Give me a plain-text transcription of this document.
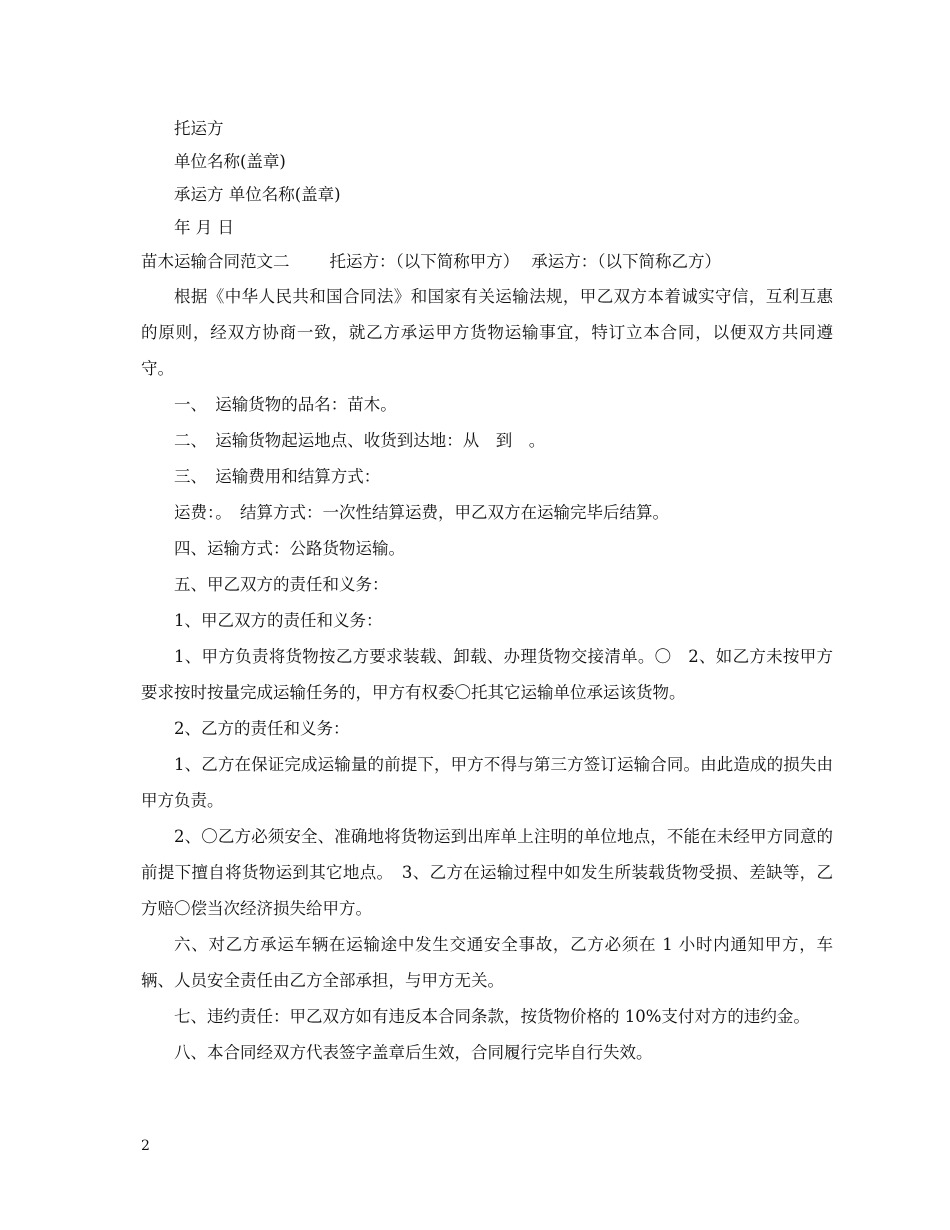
托运方
单位名称(盖章)
承运方 单位名称(盖章)
年 月 日
苗木运输合同范文二 托运方：（以下简称甲方） 承运方：（以下简称乙方）
根据《中华人民共和国合同法》和国家有关运输法规，甲乙双方本着诚实守信，互利互惠的原则，经双方协商一致，就乙方承运甲方货物运输事宜，特订立本合同，以便双方共同遵守。
一、　运输货物的品名：苗木。
二、　运输货物起运地点、收货到达地：从　到　。
三、　运输费用和结算方式：
运费：。　结算方式：一次性结算运费，甲乙双方在运输完毕后结算。
四、运输方式：公路货物运输。
五、甲乙双方的责任和义务：
1、甲乙双方的责任和义务：
1、甲方负责将货物按乙方要求装载、卸载、办理货物交接清单。〇　2、如乙方未按甲方要求按时按量完成运输任务的，甲方有权委〇托其它运输单位承运该货物。
2、乙方的责任和义务：
1、乙方在保证完成运输量的前提下，甲方不得与第三方签订运输合同。由此造成的损失由甲方负责。
2、〇乙方必须安全、准确地将货物运到出库单上注明的单位地点，不能在未经甲方同意的前提下擅自将货物运到其它地点。　3、乙方在运输过程中如发生所装载货物受损、差缺等，乙方赔〇偿当次经济损失给甲方。
六、对乙方承运车辆在运输途中发生交通安全事故，乙方必须在 1 小时内通知甲方，车辆、人员安全责任由乙方全部承担，与甲方无关。
七、违约责任：甲乙双方如有违反本合同条款，按货物价格的 10%支付对方的违约金。
八、本合同经双方代表签字盖章后生效，合同履行完毕自行失效。
2
